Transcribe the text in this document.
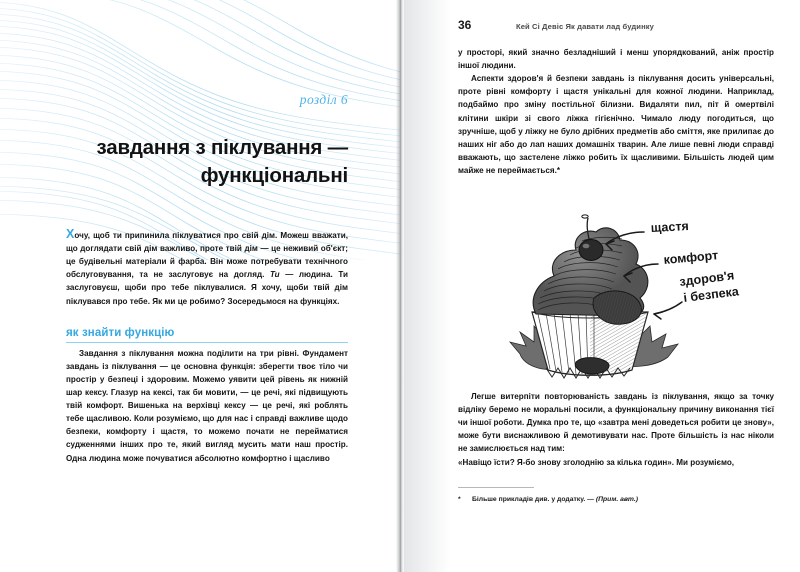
розділ 6
завдання з піклування —
функціональні

Хочу, щоб ти припинила піклуватися про свій дім. Можеш вважати, що доглядати свій дім важливо, проте твій дім — це неживий об'єкт; це будівельні матеріали й фарба. Він може потребувати технічного обслуговування, та не заслуговує на догляд. Ти — людина. Ти заслуговуєш, щоби про тебе піклувалися. Я хочу, щоби твій дім піклувався про тебе. Як ми це робимо? Зосередьмося на функціях.

як знайти функцію

Завдання з піклування можна поділити на три рівні. Фундамент завдань із піклування — це основна функція: зберегти твоє тіло чи простір у безпеці і здоровим. Можемо уявити цей рівень як нижній шар кексу. Глазур на кексі, так би мовити, — це речі, які підвищують твій комфорт. Вишенька на верхівці кексу — це речі, які роблять тебе щасливою. Коли розуміємо, що для нас і справді важливе щодо безпеки, комфорту і щастя, то можемо почати не перейматися судженнями інших про те, який вигляд мусить мати наш простір. Одна людина може почуватися абсолютно комфортно і щасливо

36	Кей Сі Девіс Як давати лад будинку

у просторі, який значно безладніший і менш упорядкований, аніж простір іншої людини.

Аспекти здоров'я й безпеки завдань із піклування досить універсальні, проте рівні комфорту і щастя унікальні для кожної людини. Наприклад, подбаймо про зміну постільної білизни. Видаляти пил, піт й омертвілі клітини шкіри зі свого ліжка гігієнічно. Чимало люду погодиться, що зручніше, щоб у ліжку не було дрібних предметів або сміття, яке прилипає до наших ніг або до лап наших домашніх тварин. Але лише певні люди справді вважають, що застелене ліжко робить їх щасливими. Більшість людей цим майже не переймається.*

щастя
комфорт
здоров'я
і безпека

Легше витерпіти повторюваність завдань із піклування, якщо за точку відліку беремо не моральні посили, а функціональну причину виконання тієї чи іншої роботи. Думка про те, що «завтра мені доведеться робити це знову», може бути виснажливою й демотивувати нас. Проте більшість із нас ніколи не замислюється над тим:

«Навіщо їсти? Я-бо знову зголоднію за кілька годин». Ми розуміємо,

*	Більше прикладів див. у додатку. — (Прим. авт.)
